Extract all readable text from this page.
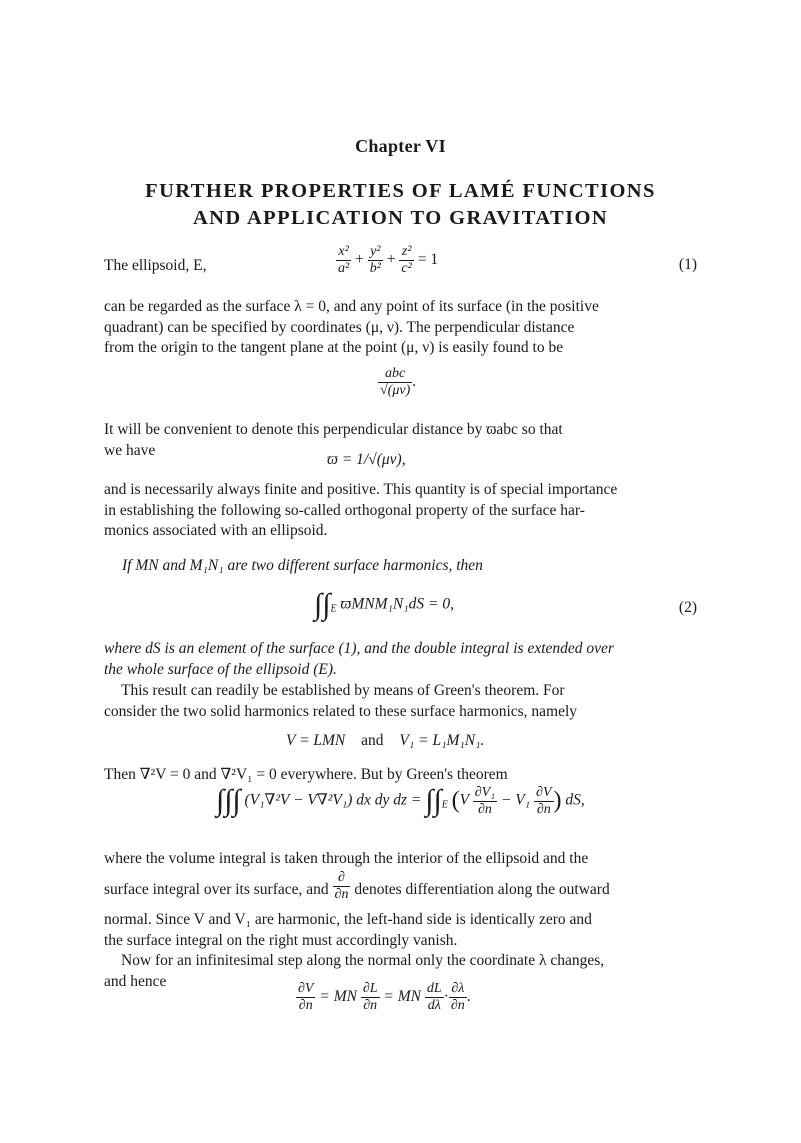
Chapter VI
FURTHER PROPERTIES OF LAMÉ FUNCTIONS
AND APPLICATION TO GRAVITATION
The ellipsoid, E,	$\frac{\text{x²}}{\text{a²}} + \frac{\text{y²}}{\text{b²}} + \frac{\text{z²}}{\text{c²}} = 1$	(1)
can be regarded as the surface λ = 0, and any point of its surface (in the positive
quadrant) can be specified by coordinates (μ, ν). The perpendicular distance
from the origin to the tangent plane at the point (μ, ν) is easily found to be
$\frac{\text{abc}}{√(\mu\nu)}$ .
It will be convenient to denote this perpendicular distance by ϖabc so that
we have
ϖ = 1/√(μν),
and is necessarily always finite and positive. This quantity is of special importance
in establishing the following so-called orthogonal property of the surface har-
monics associated with an ellipsoid.
If MN and M₁N₁ are two different surface harmonics, then
$\int\int_E$ ϖMNM₁N₁dS = 0,	(2)
where dS is an element of the surface (1), and the double integral is extended over
the whole surface of the ellipsoid (E).
This result can readily be established by means of Green's theorem. For
consider the two solid harmonics related to these surface harmonics, namely
V = LMN and V₁ = L₁M₁N₁.
Then ∇²V = 0 and ∇²V₁ = 0 everywhere. But by Green's theorem
∫∫∫ (V₁∇²V − V∇²V₁) dx dy dz = $\int\int_E$ ($V \frac{\text{∂V₁}}{\partial n} - V_1 \frac{\partial V}{\partial n}$ ) dS,
where the volume integral is taken through the interior of the ellipsoid and the
surface integral over its surface, and $\frac{\partial}{\partial n}$ denotes differentiation along the outward
normal. Since V and V₁ are harmonic, the left-hand side is identically zero and
the surface integral on the right must accordingly vanish.
Now for an infinitesimal step along the normal only the coordinate λ changes,
and hence	$\frac{\partial V}{\partial n}$ = MN $\frac{\partial L}{\partial n}$ = MN $\frac{dL}{d\lambda} \cdot \frac{\partial\lambda}{\partial n}$ .
